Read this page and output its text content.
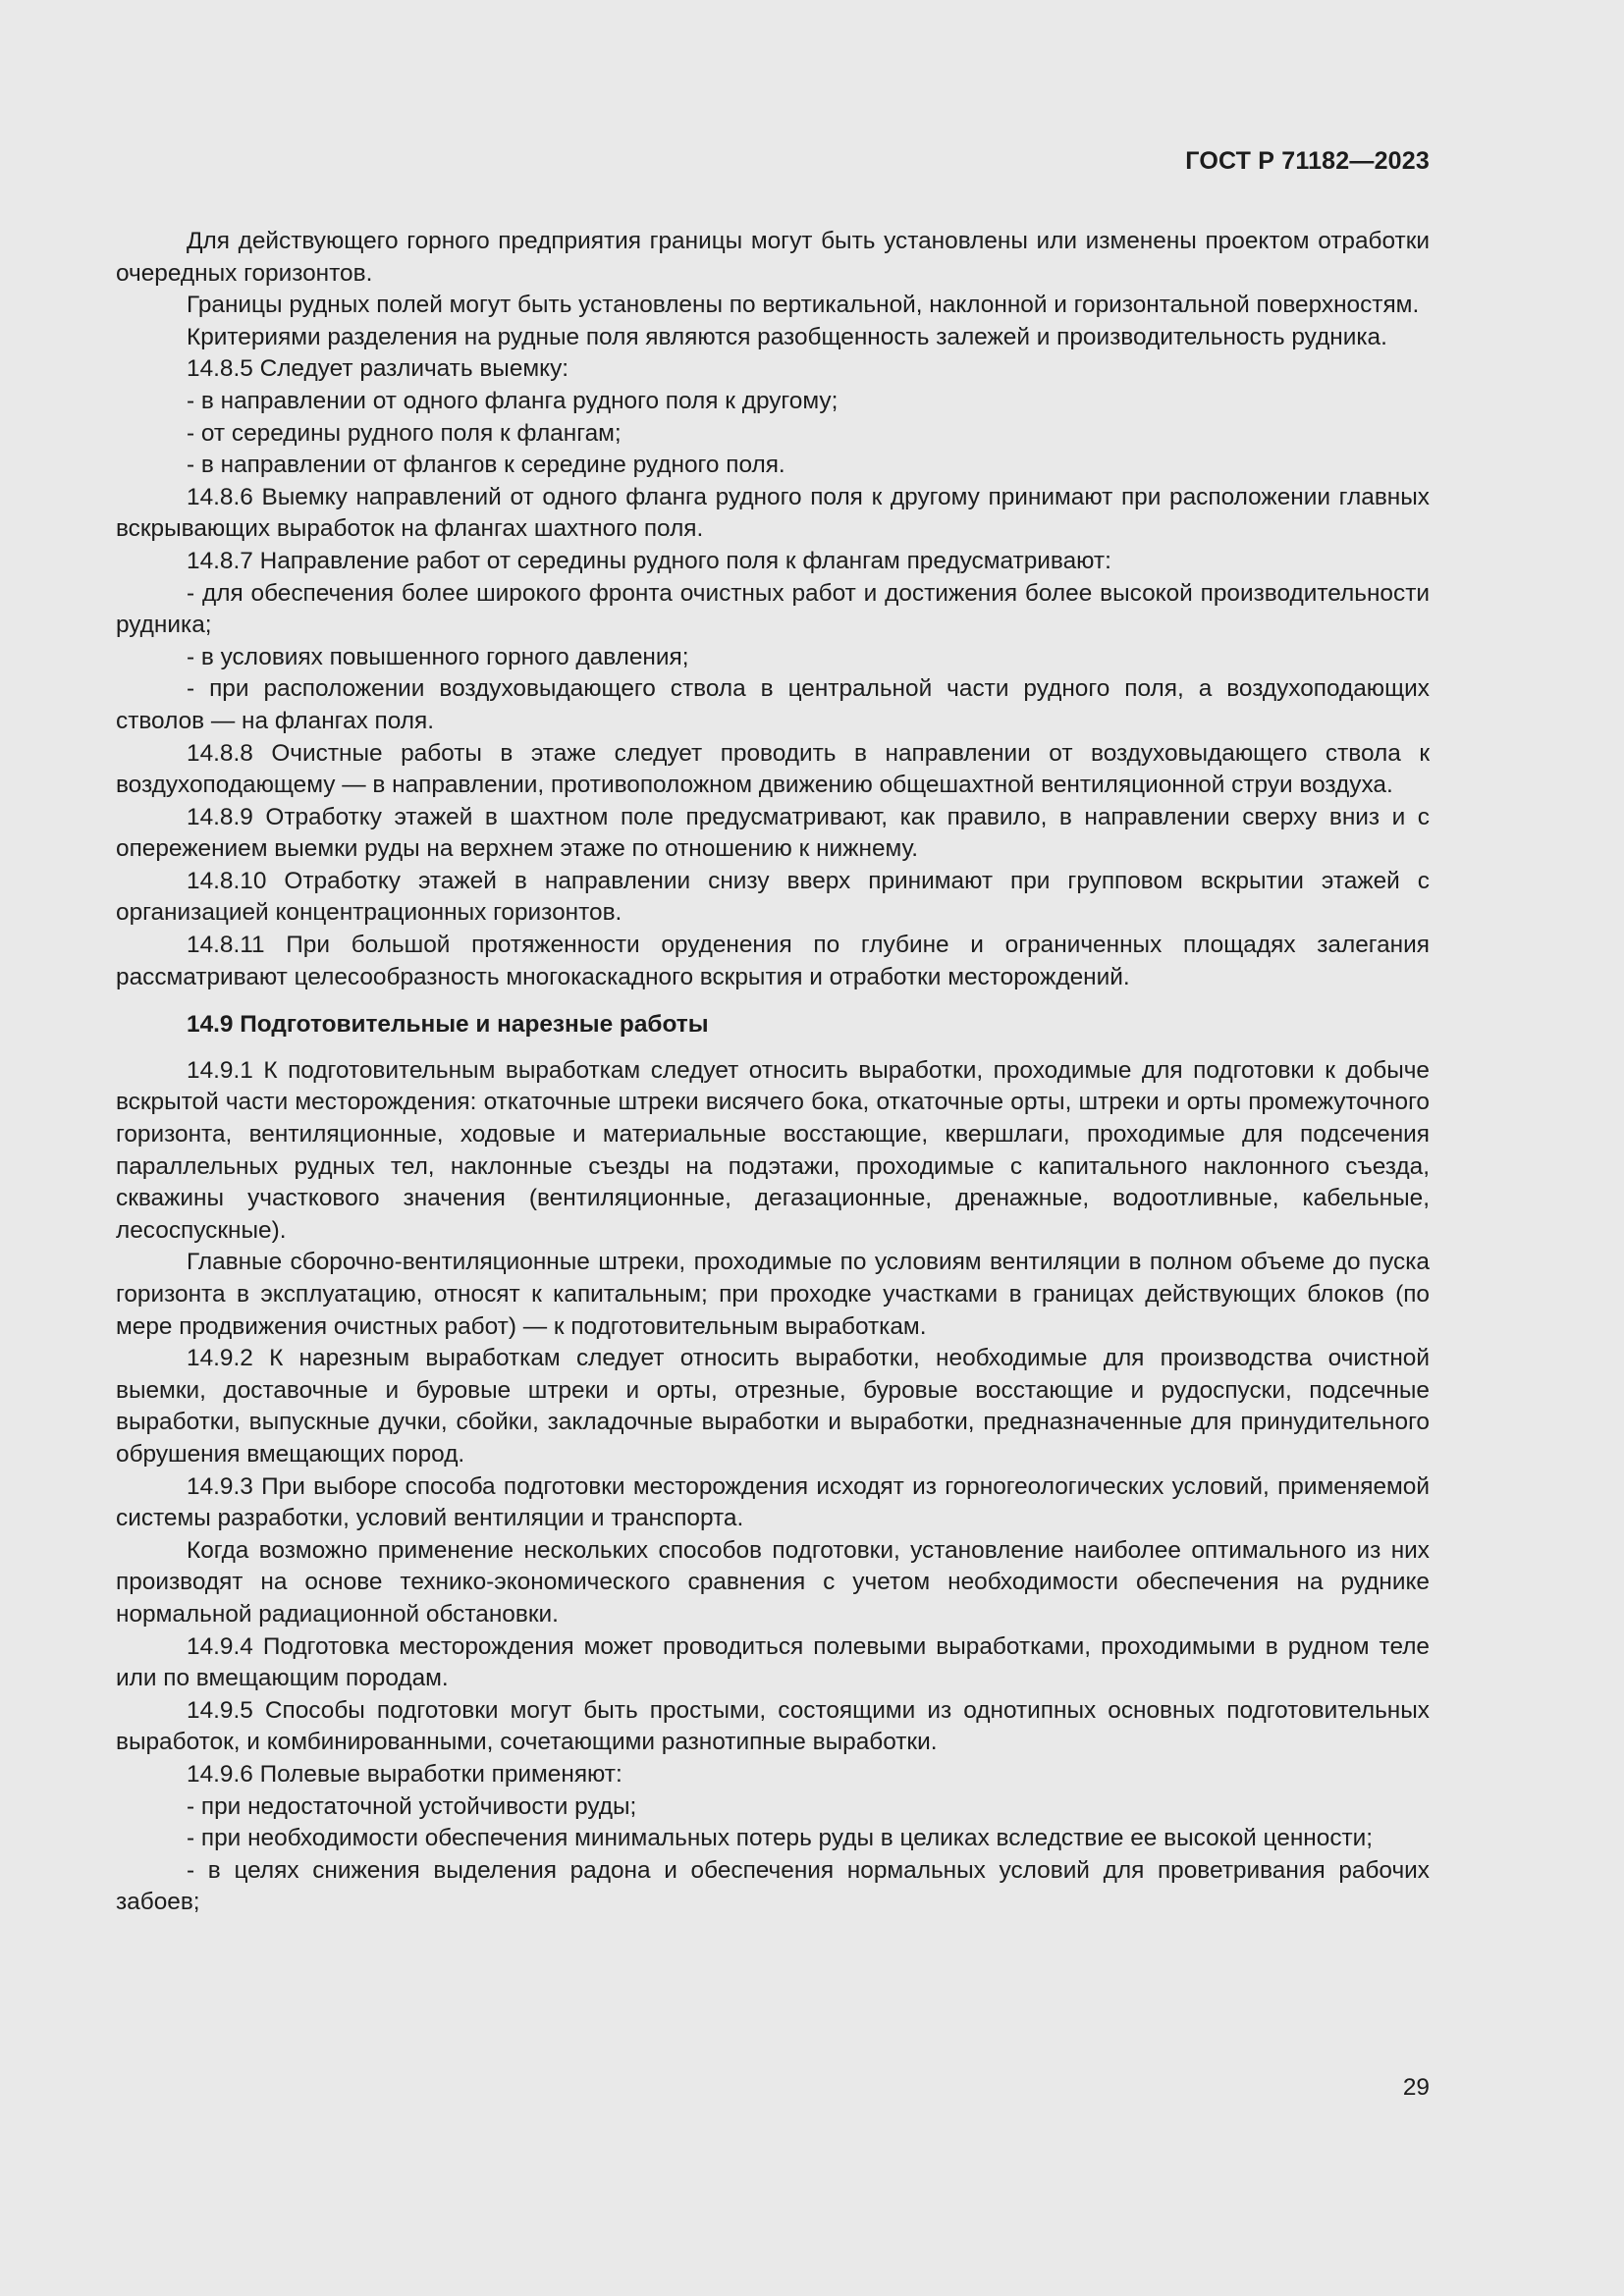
ГОСТ Р 71182—2023

Для действующего горного предприятия границы могут быть установлены или изменены проектом отработки очередных горизонтов.

Границы рудных полей могут быть установлены по вертикальной, наклонной и горизонтальной поверхностям.

Критериями разделения на рудные поля являются разобщенность залежей и производительность рудника.

14.8.5 Следует различать выемку:

- в направлении от одного фланга рудного поля к другому;

- от середины рудного поля к флангам;

- в направлении от флангов к середине рудного поля.

14.8.6 Выемку направлений от одного фланга рудного поля к другому принимают при расположении главных вскрывающих выработок на флангах шахтного поля.

14.8.7 Направление работ от середины рудного поля к флангам предусматривают:

- для обеспечения более широкого фронта очистных работ и достижения более высокой производительности рудника;

- в условиях повышенного горного давления;

- при расположении воздуховыдающего ствола в центральной части рудного поля, а воздухоподающих стволов — на флангах поля.

14.8.8 Очистные работы в этаже следует проводить в направлении от воздуховыдающего ствола к воздухоподающему — в направлении, противоположном движению общешахтной вентиляционной струи воздуха.

14.8.9 Отработку этажей в шахтном поле предусматривают, как правило, в направлении сверху вниз и с опережением выемки руды на верхнем этаже по отношению к нижнему.

14.8.10 Отработку этажей в направлении снизу вверх принимают при групповом вскрытии этажей с организацией концентрационных горизонтов.

14.8.11 При большой протяженности оруденения по глубине и ограниченных площадях залегания рассматривают целесообразность многокаскадного вскрытия и отработки месторождений.

14.9 Подготовительные и нарезные работы

14.9.1 К подготовительным выработкам следует относить выработки, проходимые для подготовки к добыче вскрытой части месторождения: откаточные штреки висячего бока, откаточные орты, штреки и орты промежуточного горизонта, вентиляционные, ходовые и материальные восстающие, квершлаги, проходимые для подсечения параллельных рудных тел, наклонные съезды на подэтажи, проходимые с капитального наклонного съезда, скважины участкового значения (вентиляционные, дегазационные, дренажные, водоотливные, кабельные, лесоспускные).

Главные сборочно-вентиляционные штреки, проходимые по условиям вентиляции в полном объеме до пуска горизонта в эксплуатацию, относят к капитальным; при проходке участками в границах действующих блоков (по мере продвижения очистных работ) — к подготовительным выработкам.

14.9.2 К нарезным выработкам следует относить выработки, необходимые для производства очистной выемки, доставочные и буровые штреки и орты, отрезные, буровые восстающие и рудоспуски, подсечные выработки, выпускные дучки, сбойки, закладочные выработки и выработки, предназначенные для принудительного обрушения вмещающих пород.

14.9.3 При выборе способа подготовки месторождения исходят из горногеологических условий, применяемой системы разработки, условий вентиляции и транспорта.

Когда возможно применение нескольких способов подготовки, установление наиболее оптимального из них производят на основе технико-экономического сравнения с учетом необходимости обеспечения на руднике нормальной радиационной обстановки.

14.9.4 Подготовка месторождения может проводиться полевыми выработками, проходимыми в рудном теле или по вмещающим породам.

14.9.5 Способы подготовки могут быть простыми, состоящими из однотипных основных подготовительных выработок, и комбинированными, сочетающими разнотипные выработки.

14.9.6 Полевые выработки применяют:

- при недостаточной устойчивости руды;

- при необходимости обеспечения минимальных потерь руды в целиках вследствие ее высокой ценности;

- в целях снижения выделения радона и обеспечения нормальных условий для проветривания рабочих забоев;

29
